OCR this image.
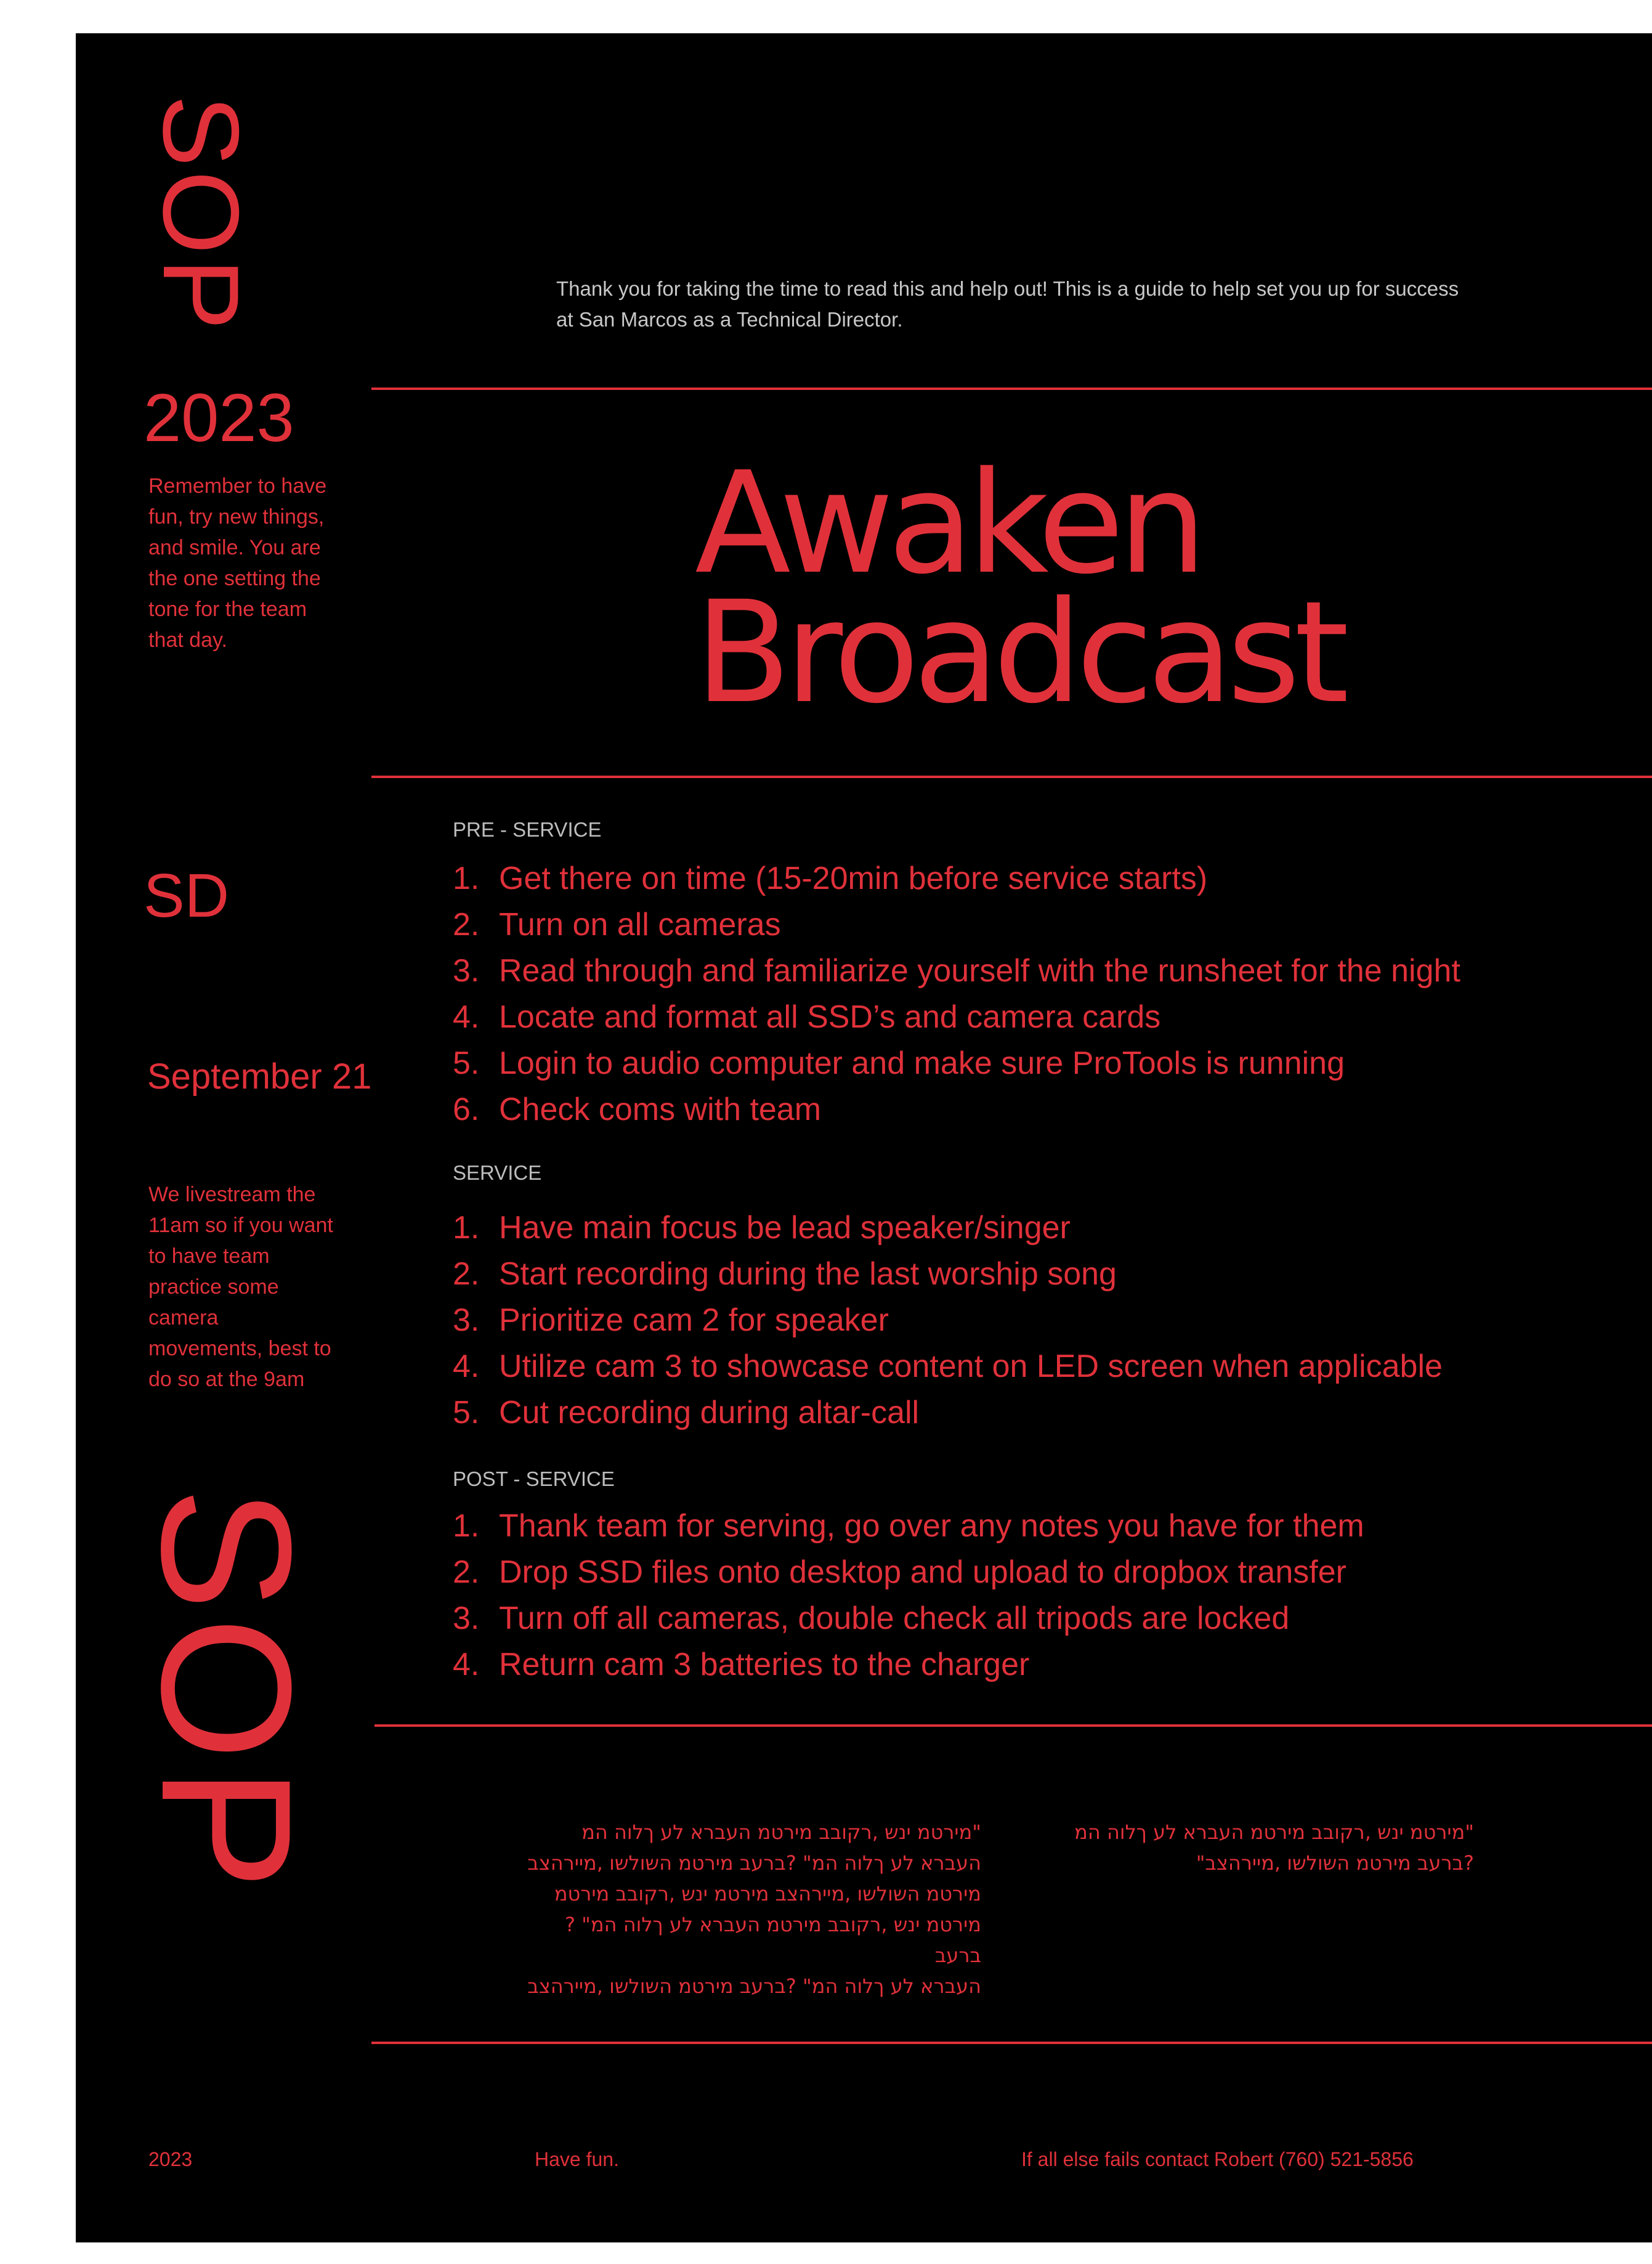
SOP
2023
Remember to have fun, try new things, and smile. You are the one setting the tone for the team that day.
SD
September 21
We livestream the 11am so if you want to have team practice some camera movements, best to do so at the 9am
SOP
Thank you for taking the time to read this and help out! This is a guide to help set you up for success at San Marcos as a Technical Director.
Awaken
Broadcast
PRE - SERVICE
1. Get there on time (15-20min before service starts)
2. Turn on all cameras
3. Read through and familiarize yourself with the runsheet for the night
4. Locate and format all SSD’s and camera cards
5. Login to audio computer and make sure ProTools is running
6. Check coms with team
SERVICE
1. Have main focus be lead speaker/singer
2. Start recording during the last worship song
3. Prioritize cam 2 for speaker
4. Utilize cam 3 to showcase content on LED screen when applicable
5. Cut recording during altar-call
POST - SERVICE
1. Thank team for serving, go over any notes you have for them
2. Drop SSD files onto desktop and upload to dropbox transfer
3. Turn off all cameras, double check all tripods are locked
4. Return cam 3 batteries to the charger
"מירטמ ינש ,רקובב מירטמ העברא לע ךלוה המ
העברא לע ךלוה המ" ?ברעב מירטמ השולשו ,מיירהצב
מירטמ השולשו ,מיירהצב מירטמ ינש ,רקובב מירטמ
מירטמ ינש ,רקובב מירטמ העברא לע ךלוה המ" ?ברעב
העברא לע ךלוה המ" ?ברעב מירטמ השולשו ,מיירהצב
"מירטמ ינש ,רקובב מירטמ העברא לע ךלוה המ
?ברעב מירטמ השולשו ,מיירהצב"
2023	Have fun.	If all else fails contact Robert (760) 521-5856
